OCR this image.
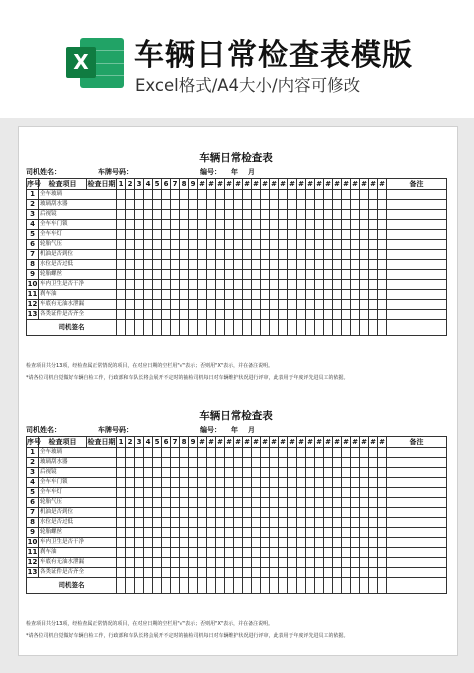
X 车辆日常检查表模版
Excel格式/A4大小/内容可修改
车辆日常检查表
司机姓名：	车牌号码：	编号： 年 月
序号	检查项目	检查日期	1	2	3	4	5	6	7	8	9	#	#	#	#	#	#	#	#	#	#	#	#	#	#	#	#	#	#	#	#	#	备注
1	全车玻璃																																
2	玻璃刮水器																																
3	后视镜																																
4	全车车门锁																																
5	全车车灯																																
6	轮胎气压																																
7	机油是否到位																																
8	水位是否过低																																
9	轮胎螺丝																																
10	车内卫生是否干净																																
11	刹车油																																
12	车底有无油水泄漏																																
13	各类证件是否齐全																																
司机签名																																	
检查项目共分13项，经检查属正常情况的项目，在对应日期的空栏用"√"表示；否则用"X"表示，并在备注说明。
*请各位司机自觉做好车辆自检工作，行政部和车队长将会展开不定时的抽检司机每日对车辆维护状况进行评审，此表用于年度评先进员工的依据。
车辆日常检查表
司机姓名：	车牌号码：	编号： 年 月
序号	检查项目	检查日期	1	2	3	4	5	6	7	8	9	#	#	#	#	#	#	#	#	#	#	#	#	#	#	#	#	#	#	#	#	#	备注
1	全车玻璃																																
2	玻璃刮水器																																
3	后视镜																																
4	全车车门锁																																
5	全车车灯																																
6	轮胎气压																																
7	机油是否到位																																
8	水位是否过低																																
9	轮胎螺丝																																
10	车内卫生是否干净																																
11	刹车油																																
12	车底有无油水泄漏																																
13	各类证件是否齐全																																
司机签名																																	
检查项目共分13项，经检查属正常情况的项目，在对应日期的空栏用"√"表示；否则用"X"表示，并在备注说明。
*请各位司机自觉做好车辆自检工作，行政部和车队长将会展开不定时的抽检司机每日对车辆维护状况进行评审，此表用于年度评先进员工的依据。
